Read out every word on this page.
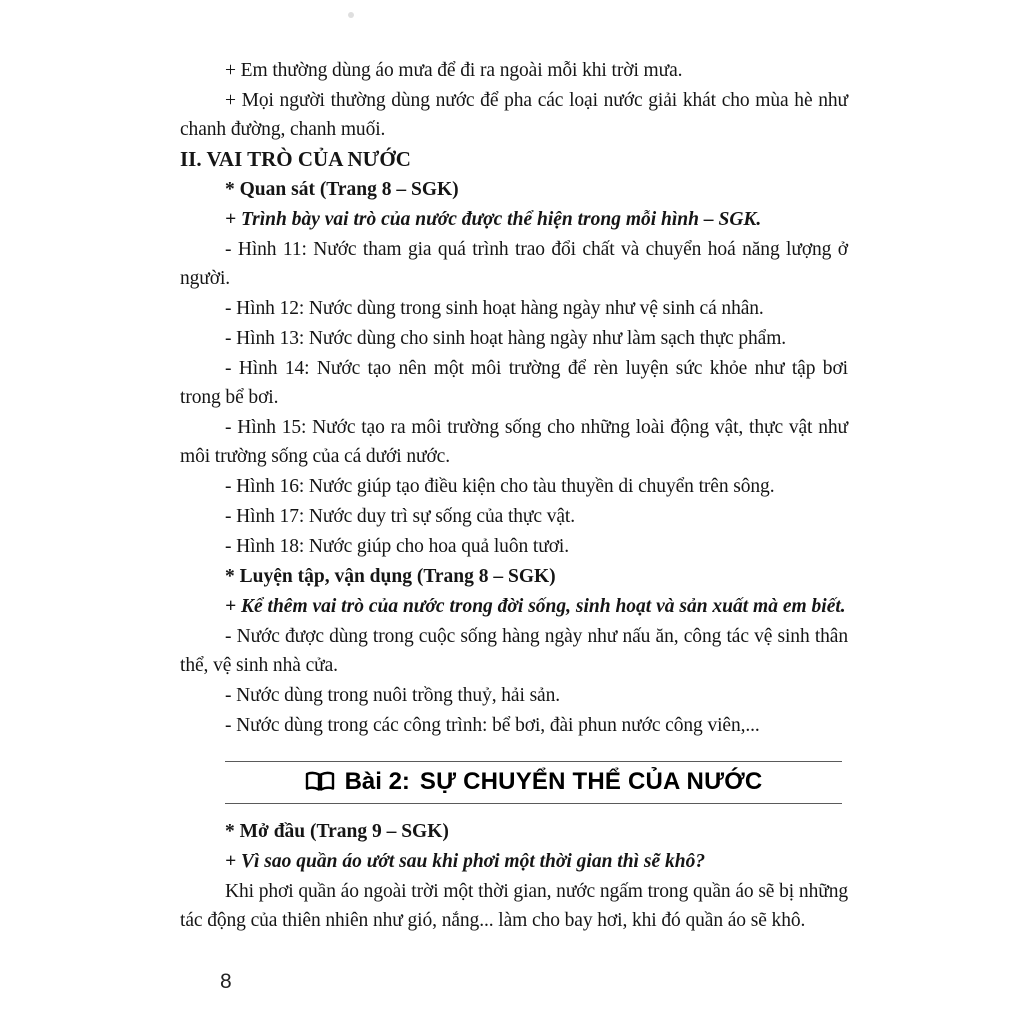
+ Em thường dùng áo mưa để đi ra ngoài mỗi khi trời mưa.

+ Mọi người thường dùng nước để pha các loại nước giải khát cho mùa hè như chanh đường, chanh muối.

II. VAI TRÒ CỦA NƯỚC

* Quan sát (Trang 8 – SGK)

+ Trình bày vai trò của nước được thể hiện trong mỗi hình – SGK.

- Hình 11: Nước tham gia quá trình trao đổi chất và chuyển hoá năng lượng ở người.

- Hình 12: Nước dùng trong sinh hoạt hàng ngày như vệ sinh cá nhân.

- Hình 13: Nước dùng cho sinh hoạt hàng ngày như làm sạch thực phẩm.

- Hình 14: Nước tạo nên một môi trường để rèn luyện sức khỏe như tập bơi trong bể bơi.

- Hình 15: Nước tạo ra môi trường sống cho những loài động vật, thực vật như môi trường sống của cá dưới nước.

- Hình 16: Nước giúp tạo điều kiện cho tàu thuyền di chuyển trên sông.

- Hình 17: Nước duy trì sự sống của thực vật.

- Hình 18: Nước giúp cho hoa quả luôn tươi.

* Luyện tập, vận dụng (Trang 8 – SGK)

+ Kể thêm vai trò của nước trong đời sống, sinh hoạt và sản xuất mà em biết.

- Nước được dùng trong cuộc sống hàng ngày như nấu ăn, công tác vệ sinh thân thể, vệ sinh nhà cửa.

- Nước dùng trong nuôi trồng thuỷ, hải sản.

- Nước dùng trong các công trình: bể bơi, đài phun nước công viên,...

Bài 2: SỰ CHUYỂN THỂ CỦA NƯỚC

* Mở đầu (Trang 9 – SGK)

+ Vì sao quần áo ướt sau khi phơi một thời gian thì sẽ khô?

Khi phơi quần áo ngoài trời một thời gian, nước ngấm trong quần áo sẽ bị những tác động của thiên nhiên như gió, nắng... làm cho bay hơi, khi đó quần áo sẽ khô.

8
